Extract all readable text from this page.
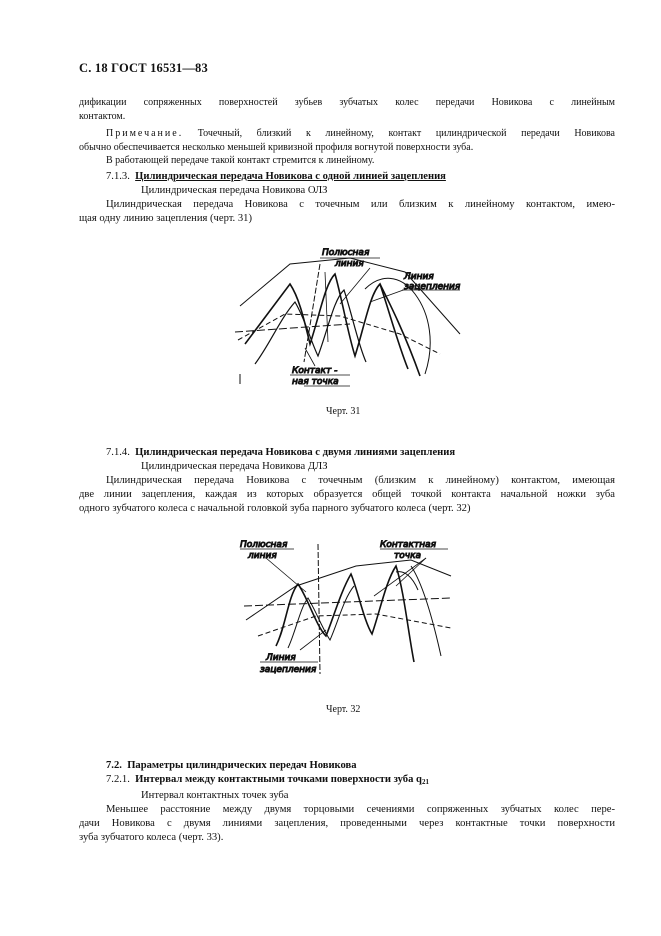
С. 18 ГОСТ 16531—83
дификации сопряженных поверхностей зубьев зубчатых колес передачи Новикова с линейным
контактом.
Примечание. Точечный, близкий к линейному, контакт цилиндрической передачи Новикова
обычно обеспечивается несколько меньшей кривизной профиля вогнутой поверхности зуба.
В работающей передаче такой контакт стремится к линейному.
7.1.3. Цилиндрическая передача Новикова с одной линией зацепления
Цилиндрическая передача Новикова ОЛЗ
Цилиндрическая передача Новикова с точечным или близким к линейному контактом, имею-
щая одну линию зацепления (черт. 31)
Полюсная
линия
Линия
зацепления
Контакт -
ная точка
Черт. 31
7.1.4. Цилиндрическая передача Новикова с двумя линиями зацепления
Цилиндрическая передача Новикова ДЛЗ
Цилиндрическая передача Новикова с точечным (близким к линейному) контактом, имеющая
две линии зацепления, каждая из которых образуется общей точкой контакта начальной ножки зуба
одного зубчатого колеса с начальной головкой зуба парного зубчатого колеса (черт. 32)
Полюсная
линия
Контактная
точка
Линия
зацепления
Черт. 32
7.2. Параметры цилиндрических передач Новикова
7.2.1. Интервал между контактными точками поверхности зуба $q_{21}$
Интервал контактных точек зуба
Меньшее расстояние между двумя торцовыми сечениями сопряженных зубчатых колес пере-
дачи Новикова с двумя линиями зацепления, проведенными через контактные точки поверхности
зуба зубчатого колеса (черт. 33).
